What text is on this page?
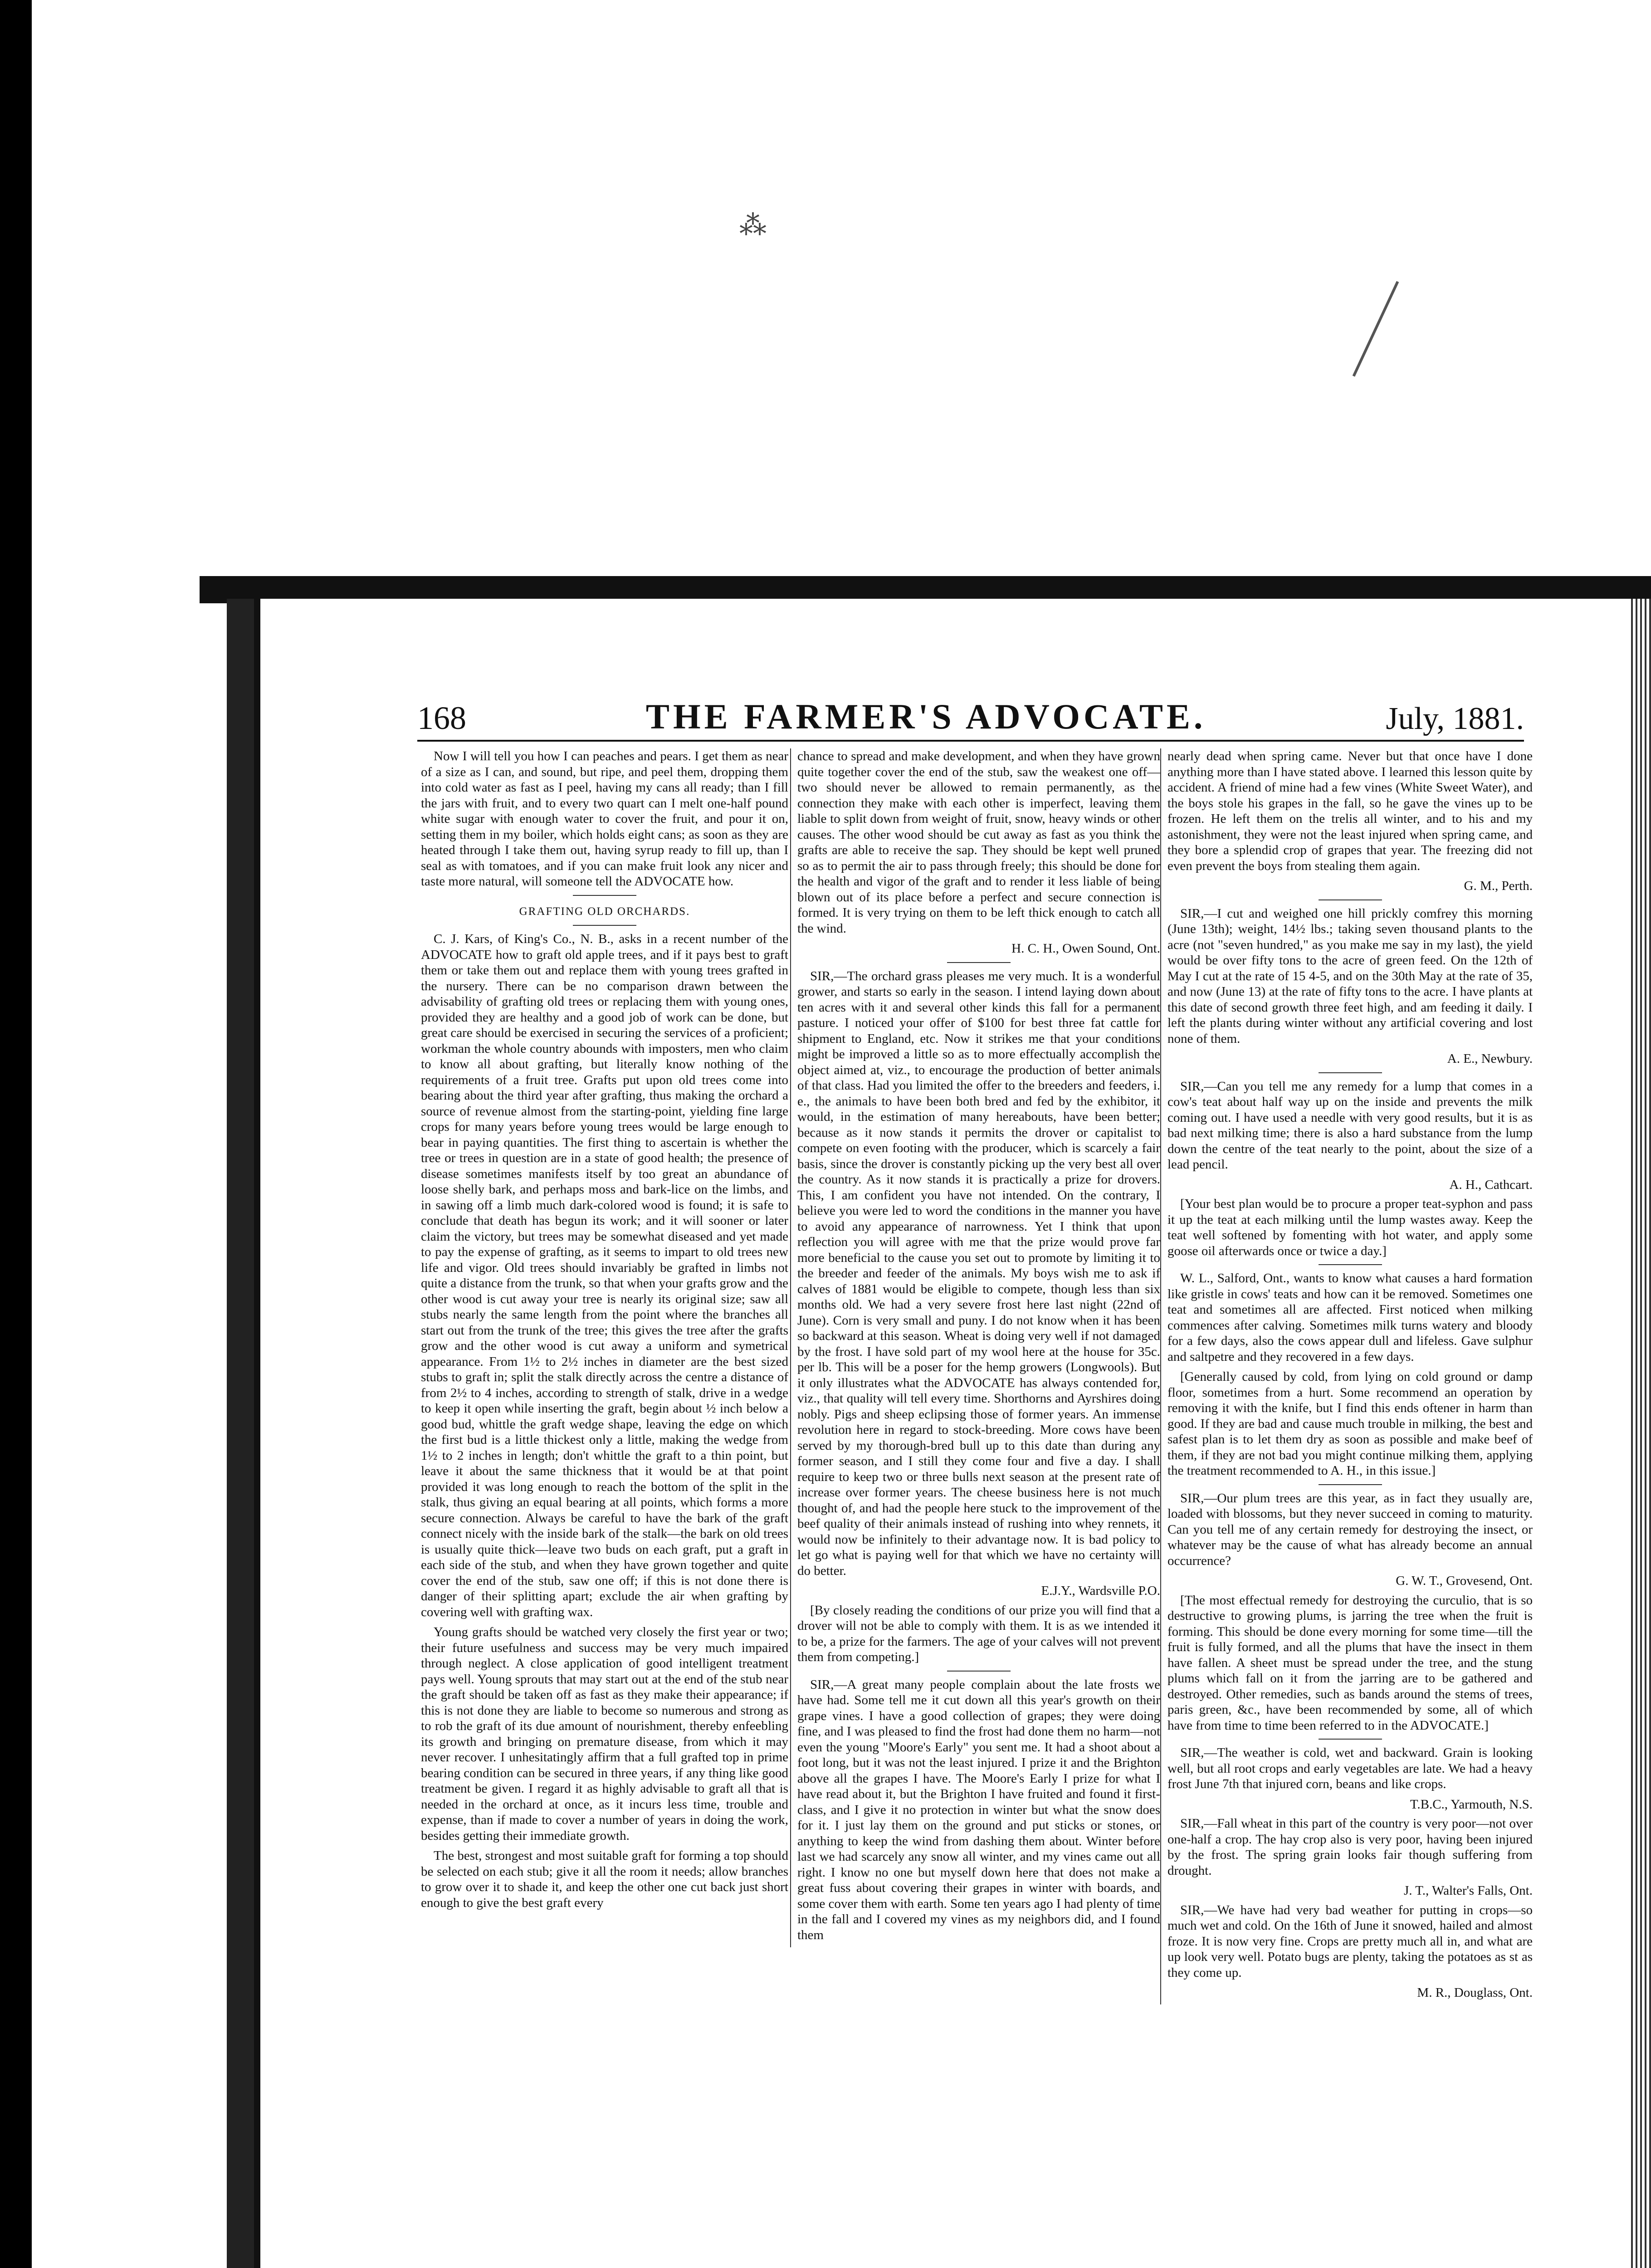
⁂
168	THE FARMER'S ADVOCATE.	July, 1881.

Now I will tell you how I can peaches and pears. I get them as near of a size as I can, and sound, but ripe, and peel them, dropping them into cold water as fast as I peel, having my cans all ready; than I fill the jars with fruit, and to every two quart can I melt one-half pound white sugar with enough water to cover the fruit, and pour it on, setting them in my boiler, which holds eight cans; as soon as they are heated through I take them out, having syrup ready to fill up, than I seal as with tomatoes, and if you can make fruit look any nicer and taste more natural, will someone tell the ADVOCATE how.

GRAFTING OLD ORCHARDS.

C. J. Kars, of King's Co., N. B., asks in a recent number of the ADVOCATE how to graft old apple trees, and if it pays best to graft them or take them out and replace them with young trees grafted in the nursery. There can be no comparison drawn between the advisability of grafting old trees or replacing them with young ones, provided they are healthy and a good job of work can be done, but great care should be exercised in securing the services of a proficient; workman the whole country abounds with imposters, men who claim to know all about grafting, but literally know nothing of the requirements of a fruit tree. Grafts put upon old trees come into bearing about the third year after grafting, thus making the orchard a source of revenue almost from the starting-point, yielding fine large crops for many years before young trees would be large enough to bear in paying quantities. The first thing to ascertain is whether the tree or trees in question are in a state of good health; the presence of disease sometimes manifests itself by too great an abundance of loose shelly bark, and perhaps moss and bark-lice on the limbs, and in sawing off a limb much dark-colored wood is found; it is safe to conclude that death has begun its work; and it will sooner or later claim the victory, but trees may be somewhat diseased and yet made to pay the expense of grafting, as it seems to impart to old trees new life and vigor. Old trees should invariably be grafted in limbs not quite a distance from the trunk, so that when your grafts grow and the other wood is cut away your tree is nearly its original size; saw all stubs nearly the same length from the point where the branches all start out from the trunk of the tree; this gives the tree after the grafts grow and the other wood is cut away a uniform and symetrical appearance. From 1½ to 2½ inches in diameter are the best sized stubs to graft in; split the stalk directly across the centre a distance of from 2½ to 4 inches, according to strength of stalk, drive in a wedge to keep it open while inserting the graft, begin about ½ inch below a good bud, whittle the graft wedge shape, leaving the edge on which the first bud is a little thickest only a little, making the wedge from 1½ to 2 inches in length; don't whittle the graft to a thin point, but leave it about the same thickness that it would be at that point provided it was long enough to reach the bottom of the split in the stalk, thus giving an equal bearing at all points, which forms a more secure connection. Always be careful to have the bark of the graft connect nicely with the inside bark of the stalk—the bark on old trees is usually quite thick—leave two buds on each graft, put a graft in each side of the stub, and when they have grown together and quite cover the end of the stub, saw one off; if this is not done there is danger of their splitting apart; exclude the air when grafting by covering well with grafting wax.

Young grafts should be watched very closely the first year or two; their future usefulness and success may be very much impaired through neglect. A close application of good intelligent treatment pays well. Young sprouts that may start out at the end of the stub near the graft should be taken off as fast as they make their appearance; if this is not done they are liable to become so numerous and strong as to rob the graft of its due amount of nourishment, thereby enfeebling its growth and bringing on premature disease, from which it may never recover. I unhesitatingly affirm that a full grafted top in prime bearing condition can be secured in three years, if any thing like good treatment be given. I regard it as highly advisable to graft all that is needed in the orchard at once, as it incurs less time, trouble and expense, than if made to cover a number of years in doing the work, besides getting their immediate growth.

The best, strongest and most suitable graft for forming a top should be selected on each stub; give it all the room it needs; allow branches to grow over it to shade it, and keep the other one cut back just short enough to give the best graft every

chance to spread and make development, and when they have grown quite together cover the end of the stub, saw the weakest one off—two should never be allowed to remain permanently, as the connection they make with each other is imperfect, leaving them liable to split down from weight of fruit, snow, heavy winds or other causes. The other wood should be cut away as fast as you think the grafts are able to receive the sap. They should be kept well pruned so as to permit the air to pass through freely; this should be done for the health and vigor of the graft and to render it less liable of being blown out of its place before a perfect and secure connection is formed. It is very trying on them to be left thick enough to catch all the wind.

H. C. H., Owen Sound, Ont.

SIR,—The orchard grass pleases me very much. It is a wonderful grower, and starts so early in the season. I intend laying down about ten acres with it and several other kinds this fall for a permanent pasture. I noticed your offer of $100 for best three fat cattle for shipment to England, etc. Now it strikes me that your conditions might be improved a little so as to more effectually accomplish the object aimed at, viz., to encourage the production of better animals of that class. Had you limited the offer to the breeders and feeders, i. e., the animals to have been both bred and fed by the exhibitor, it would, in the estimation of many hereabouts, have been better; because as it now stands it permits the drover or capitalist to compete on even footing with the producer, which is scarcely a fair basis, since the drover is constantly picking up the very best all over the country. As it now stands it is practically a prize for drovers. This, I am confident you have not intended. On the contrary, I believe you were led to word the conditions in the manner you have to avoid any appearance of narrowness. Yet I think that upon reflection you will agree with me that the prize would prove far more beneficial to the cause you set out to promote by limiting it to the breeder and feeder of the animals. My boys wish me to ask if calves of 1881 would be eligible to compete, though less than six months old. We had a very severe frost here last night (22nd of June). Corn is very small and puny. I do not know when it has been so backward at this season. Wheat is doing very well if not damaged by the frost. I have sold part of my wool here at the house for 35c. per lb. This will be a poser for the hemp growers (Longwools). But it only illustrates what the ADVOCATE has always contended for, viz., that quality will tell every time. Shorthorns and Ayrshires doing nobly. Pigs and sheep eclipsing those of former years. An immense revolution here in regard to stock-breeding. More cows have been served by my thorough-bred bull up to this date than during any former season, and I still they come four and five a day. I shall require to keep two or three bulls next season at the present rate of increase over former years. The cheese business here is not much thought of, and had the people here stuck to the improvement of the beef quality of their animals instead of rushing into whey rennets, it would now be infinitely to their advantage now. It is bad policy to let go what is paying well for that which we have no certainty will do better.

E.J.Y., Wardsville P.O.

[By closely reading the conditions of our prize you will find that a drover will not be able to comply with them. It is as we intended it to be, a prize for the farmers. The age of your calves will not prevent them from competing.]

SIR,—A great many people complain about the late frosts we have had. Some tell me it cut down all this year's growth on their grape vines. I have a good collection of grapes; they were doing fine, and I was pleased to find the frost had done them no harm—not even the young "Moore's Early" you sent me. It had a shoot about a foot long, but it was not the least injured. I prize it and the Brighton above all the grapes I have. The Moore's Early I prize for what I have read about it, but the Brighton I have fruited and found it first-class, and I give it no protection in winter but what the snow does for it. I just lay them on the ground and put sticks or stones, or anything to keep the wind from dashing them about. Winter before last we had scarcely any snow all winter, and my vines came out all right. I know no one but myself down here that does not make a great fuss about covering their grapes in winter with boards, and some cover them with earth. Some ten years ago I had plenty of time in the fall and I covered my vines as my neighbors did, and I found them

nearly dead when spring came. Never but that once have I done anything more than I have stated above. I learned this lesson quite by accident. A friend of mine had a few vines (White Sweet Water), and the boys stole his grapes in the fall, so he gave the vines up to be frozen. He left them on the trelis all winter, and to his and my astonishment, they were not the least injured when spring came, and they bore a splendid crop of grapes that year. The freezing did not even prevent the boys from stealing them again.

G. M., Perth.

SIR,—I cut and weighed one hill prickly comfrey this morning (June 13th); weight, 14½ lbs.; taking seven thousand plants to the acre (not "seven hundred," as you make me say in my last), the yield would be over fifty tons to the acre of green feed. On the 12th of May I cut at the rate of 15 4-5, and on the 30th May at the rate of 35, and now (June 13) at the rate of fifty tons to the acre. I have plants at this date of second growth three feet high, and am feeding it daily. I left the plants during winter without any artificial covering and lost none of them.

A. E., Newbury.

SIR,—Can you tell me any remedy for a lump that comes in a cow's teat about half way up on the inside and prevents the milk coming out. I have used a needle with very good results, but it is as bad next milking time; there is also a hard substance from the lump down the centre of the teat nearly to the point, about the size of a lead pencil.

A. H., Cathcart.

[Your best plan would be to procure a proper teat-syphon and pass it up the teat at each milking until the lump wastes away. Keep the teat well softened by fomenting with hot water, and apply some goose oil afterwards once or twice a day.]

W. L., Salford, Ont., wants to know what causes a hard formation like gristle in cows' teats and how can it be removed. Sometimes one teat and sometimes all are affected. First noticed when milking commences after calving. Sometimes milk turns watery and bloody for a few days, also the cows appear dull and lifeless. Gave sulphur and saltpetre and they recovered in a few days.

[Generally caused by cold, from lying on cold ground or damp floor, sometimes from a hurt. Some recommend an operation by removing it with the knife, but I find this ends oftener in harm than good. If they are bad and cause much trouble in milking, the best and safest plan is to let them dry as soon as possible and make beef of them, if they are not bad you might continue milking them, applying the treatment recommended to A. H., in this issue.]

SIR,—Our plum trees are this year, as in fact they usually are, loaded with blossoms, but they never succeed in coming to maturity. Can you tell me of any certain remedy for destroying the insect, or whatever may be the cause of what has already become an annual occurrence?

G. W. T., Grovesend, Ont.

[The most effectual remedy for destroying the curculio, that is so destructive to growing plums, is jarring the tree when the fruit is forming. This should be done every morning for some time—till the fruit is fully formed, and all the plums that have the insect in them have fallen. A sheet must be spread under the tree, and the stung plums which fall on it from the jarring are to be gathered and destroyed. Other remedies, such as bands around the stems of trees, paris green, &c., have been recommended by some, all of which have from time to time been referred to in the ADVOCATE.]

SIR,—The weather is cold, wet and backward. Grain is looking well, but all root crops and early vegetables are late. We had a heavy frost June 7th that injured corn, beans and like crops.

T.B.C., Yarmouth, N.S.

SIR,—Fall wheat in this part of the country is very poor—not over one-half a crop. The hay crop also is very poor, having been injured by the frost. The spring grain looks fair though suffering from drought.

J. T., Walter's Falls, Ont.

SIR,—We have had very bad weather for putting in crops—so much wet and cold. On the 16th of June it snowed, hailed and almost froze. It is now very fine. Crops are pretty much all in, and what are up look very well. Potato bugs are plenty, taking the potatoes as st as they come up.

M. R., Douglass, Ont.
